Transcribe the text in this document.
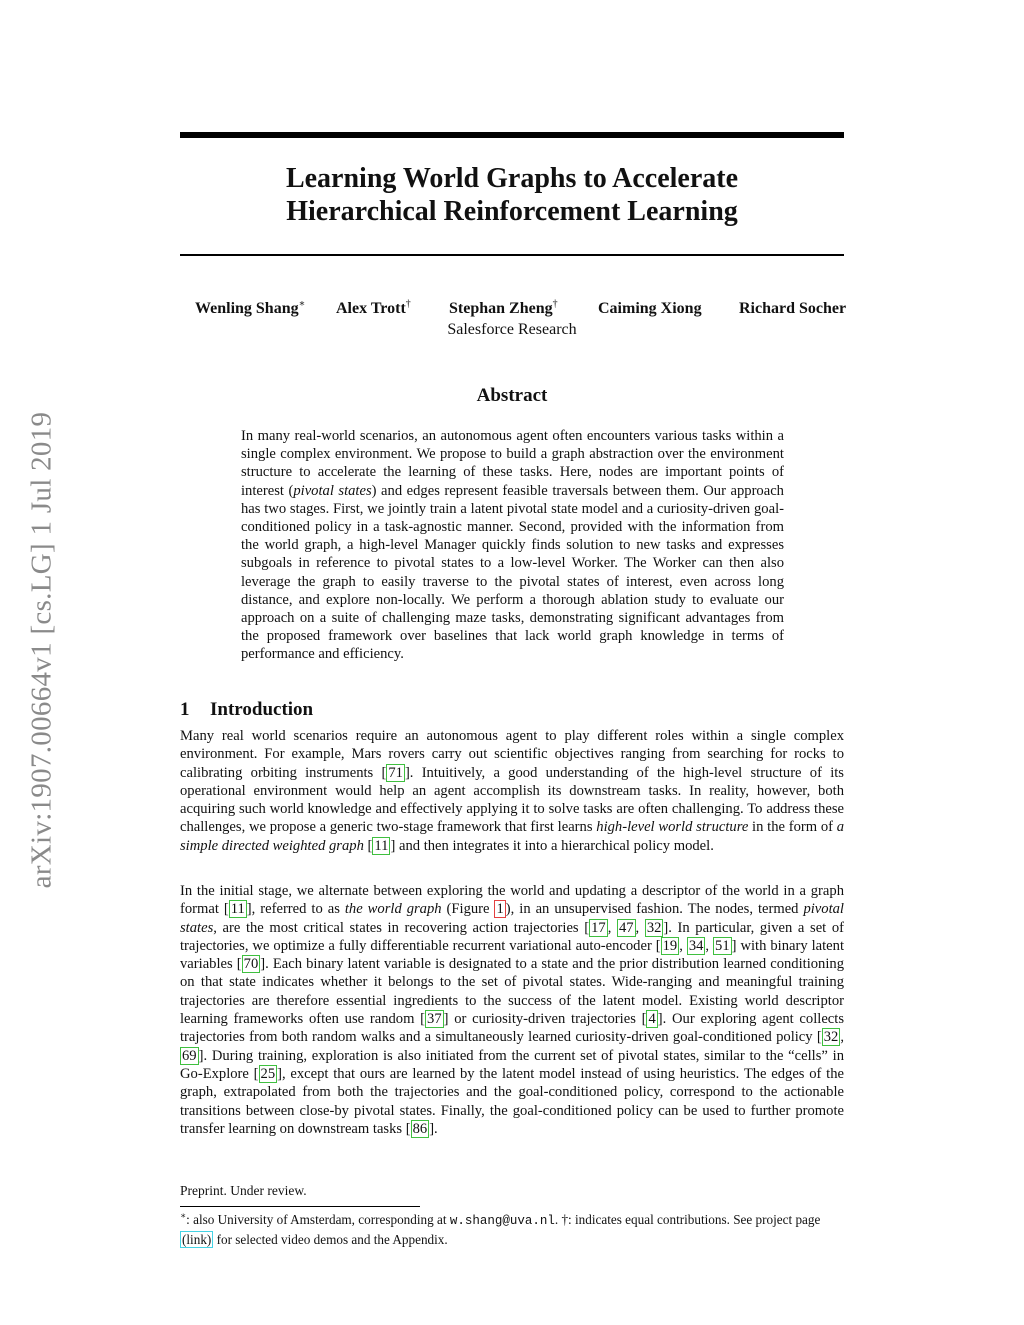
arXiv:1907.00664v1 [cs.LG] 1 Jul 2019
Learning World Graphs to Accelerate
Hierarchical Reinforcement Learning
Wenling Shang∗ Alex Trott† Stephan Zheng†	Caiming Xiong Richard Socher
Salesforce Research
Abstract
In many real-world scenarios, an autonomous agent often encounters various tasks within a single complex environment. We propose to build a graph abstraction over the environment structure to accelerate the learning of these tasks. Here, nodes are important points of interest (pivotal states) and edges represent feasible traversals between them. Our approach has two stages. First, we jointly train a latent pivotal state model and a curiosity-driven goal-conditioned policy in a task-agnostic manner. Second, provided with the information from the world graph, a high-level Manager quickly finds solution to new tasks and expresses subgoals in reference to pivotal states to a low-level Worker. The Worker can then also leverage the graph to easily traverse to the pivotal states of interest, even across long distance, and explore non-locally. We perform a thorough ablation study to evaluate our approach on a suite of challenging maze tasks, demonstrating significant advantages from the proposed framework over baselines that lack world graph knowledge in terms of performance and efficiency.
1 Introduction
Many real world scenarios require an autonomous agent to play different roles within a single complex environment. For example, Mars rovers carry out scientific objectives ranging from searching for rocks to calibrating orbiting instruments [ 71 ]. Intuitively, a good understanding of the high-level structure of its operational environment would help an agent accomplish its downstream tasks. In reality, however, both acquiring such world knowledge and effectively applying it to solve tasks are often challenging. To address these challenges, we propose a generic two-stage framework that first learns high-level world structure in the form of a simple directed weighted graph [ 11 ] and then integrates it into a hierarchical policy model.
In the initial stage, we alternate between exploring the world and updating a descriptor of the world in a graph format [ 11 ], referred to as the world graph (Figure 1 ), in an unsupervised fashion. The nodes, termed pivotal states, are the most critical states in recovering action trajectories [ 17 , 47 , 32 ]. In particular, given a set of trajectories, we optimize a fully differentiable recurrent variational auto-encoder [ 19 , 34 , 51 ] with binary latent variables [ 70 ]. Each binary latent variable is designated to a state and the prior distribution learned conditioning on that state indicates whether it belongs to the set of pivotal states. Wide-ranging and meaningful training trajectories are therefore essential ingredients to the success of the latent model. Existing world descriptor learning frameworks often use random [ 37 ] or curiosity-driven trajectories [ 4 ]. Our exploring agent collects trajectories from both random walks and a simultaneously learned curiosity-driven goal-conditioned policy [ 32 , 69 ]. During training, exploration is also initiated from the current set of pivotal states, similar to the “cells” in Go-Explore [ 25 ], except that ours are learned by the latent model instead of using heuristics. The edges of the graph, extrapolated from both the trajectories and the goal-conditioned policy, correspond to the actionable transitions between close-by pivotal states. Finally, the goal-conditioned policy can be used to further promote transfer learning on downstream tasks [ 86 ].
Preprint. Under review.
∗: also University of Amsterdam, corresponding at w.shang@uva.nl. †: indicates equal contributions. See project page (link) for selected video demos and the Appendix.
